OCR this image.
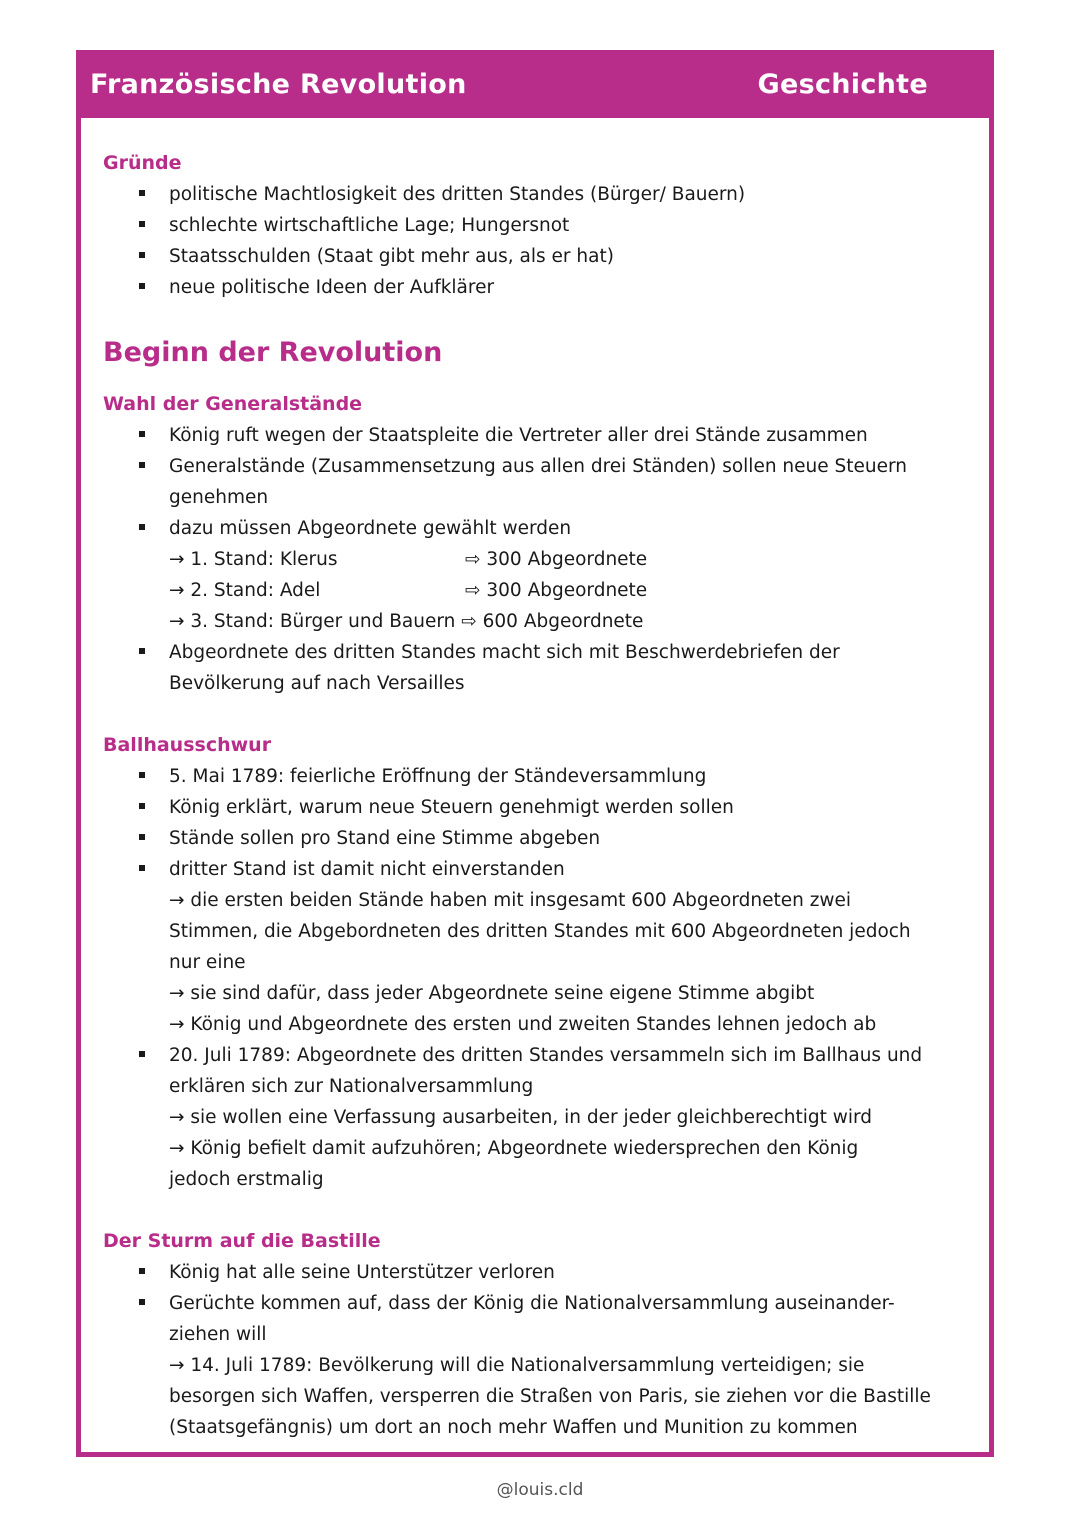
Französische Revolution	Geschichte

Gründe

politische Machtlosigkeit des dritten Standes (Bürger/ Bauern)
schlechte wirtschaftliche Lage; Hungersnot
Staatsschulden (Staat gibt mehr aus, als er hat)
neue politische Ideen der Aufklärer

Beginn der Revolution

Wahl der Generalstände

König ruft wegen der Staatspleite die Vertreter aller drei Stände zusammen
Generalstände (Zusammensetzung aus allen drei Ständen) sollen neue Steuern
genehmen
dazu müssen Abgeordnete gewählt werden
→ 1. Stand: Klerus	⇨ 300 Abgeordnete
→ 2. Stand: Adel	⇨ 300 Abgeordnete
→ 3. Stand: Bürger und Bauern ⇨ 600 Abgeordnete
Abgeordnete des dritten Standes macht sich mit Beschwerdebriefen der
Bevölkerung auf nach Versailles

Ballhausschwur

5. Mai 1789: feierliche Eröffnung der Ständeversammlung
König erklärt, warum neue Steuern genehmigt werden sollen
Stände sollen pro Stand eine Stimme abgeben
dritter Stand ist damit nicht einverstanden
→ die ersten beiden Stände haben mit insgesamt 600 Abgeordneten zwei
Stimmen, die Abgebordneten des dritten Standes mit 600 Abgeordneten jedoch
nur eine
→ sie sind dafür, dass jeder Abgeordnete seine eigene Stimme abgibt
→ König und Abgeordnete des ersten und zweiten Standes lehnen jedoch ab
20. Juli 1789: Abgeordnete des dritten Standes versammeln sich im Ballhaus und
erklären sich zur Nationalversammlung
→ sie wollen eine Verfassung ausarbeiten, in der jeder gleichberechtigt wird
→ König befielt damit aufzuhören; Abgeordnete wiedersprechen den König
jedoch erstmalig

Der Sturm auf die Bastille

König hat alle seine Unterstützer verloren
Gerüchte kommen auf, dass der König die Nationalversammlung auseinander-
ziehen will
→ 14. Juli 1789: Bevölkerung will die Nationalversammlung verteidigen; sie
besorgen sich Waffen, versperren die Straßen von Paris, sie ziehen vor die Bastille
(Staatsgefängnis) um dort an noch mehr Waffen und Munition zu kommen
@louis.cld
